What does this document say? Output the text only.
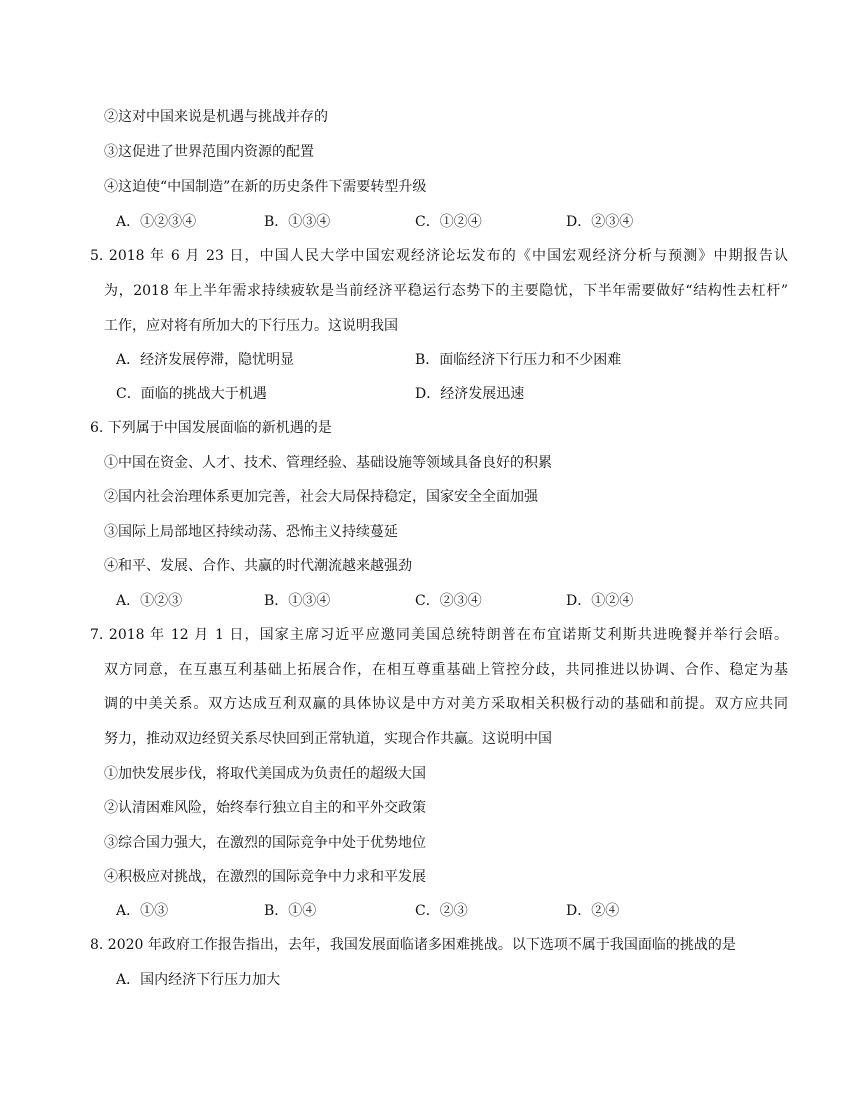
②这对中国来说是机遇与挑战并存的
③这促进了世界范围内资源的配置
④这迫使“中国制造”在新的历史条件下需要转型升级
A．①②③④	B．①③④	C．①②④	D．②③④
5. 2018 年 6 月 23 日，中国人民大学中国宏观经济论坛发布的《中国宏观经济分析与预测》中期报告认
为，2018 年上半年需求持续疲软是当前经济平稳运行态势下的主要隐忧，下半年需要做好“结构性去杠杆”
工作，应对将有所加大的下行压力。这说明我国
A．经济发展停滞，隐忧明显	B．面临经济下行压力和不少困难
C．面临的挑战大于机遇	D．经济发展迅速
6. 下列属于中国发展面临的新机遇的是
①中国在资金、人才、技术、管理经验、基础设施等领域具备良好的积累
②国内社会治理体系更加完善，社会大局保持稳定，国家安全全面加强
③国际上局部地区持续动荡、恐怖主义持续蔓延
④和平、发展、合作、共赢的时代潮流越来越强劲
A．①②③	B．①③④	C．②③④	D．①②④
7. 2018 年 12 月 1 日，国家主席习近平应邀同美国总统特朗普在布宜诺斯艾利斯共进晚餐并举行会晤。
双方同意，在互惠互利基础上拓展合作，在相互尊重基础上管控分歧，共同推进以协调、合作、稳定为基
调的中美关系。双方达成互利双赢的具体协议是中方对美方采取相关积极行动的基础和前提。双方应共同
努力，推动双边经贸关系尽快回到正常轨道，实现合作共赢。这说明中国
①加快发展步伐，将取代美国成为负责任的超级大国
②认清困难风险，始终奉行独立自主的和平外交政策
③综合国力强大，在激烈的国际竞争中处于优势地位
④积极应对挑战，在激烈的国际竞争中力求和平发展
A．①③	B．①④	C．②③	D．②④
8. 2020 年政府工作报告指出，去年，我国发展面临诸多困难挑战。以下选项不属于我国面临的挑战的是
A．国内经济下行压力加大
